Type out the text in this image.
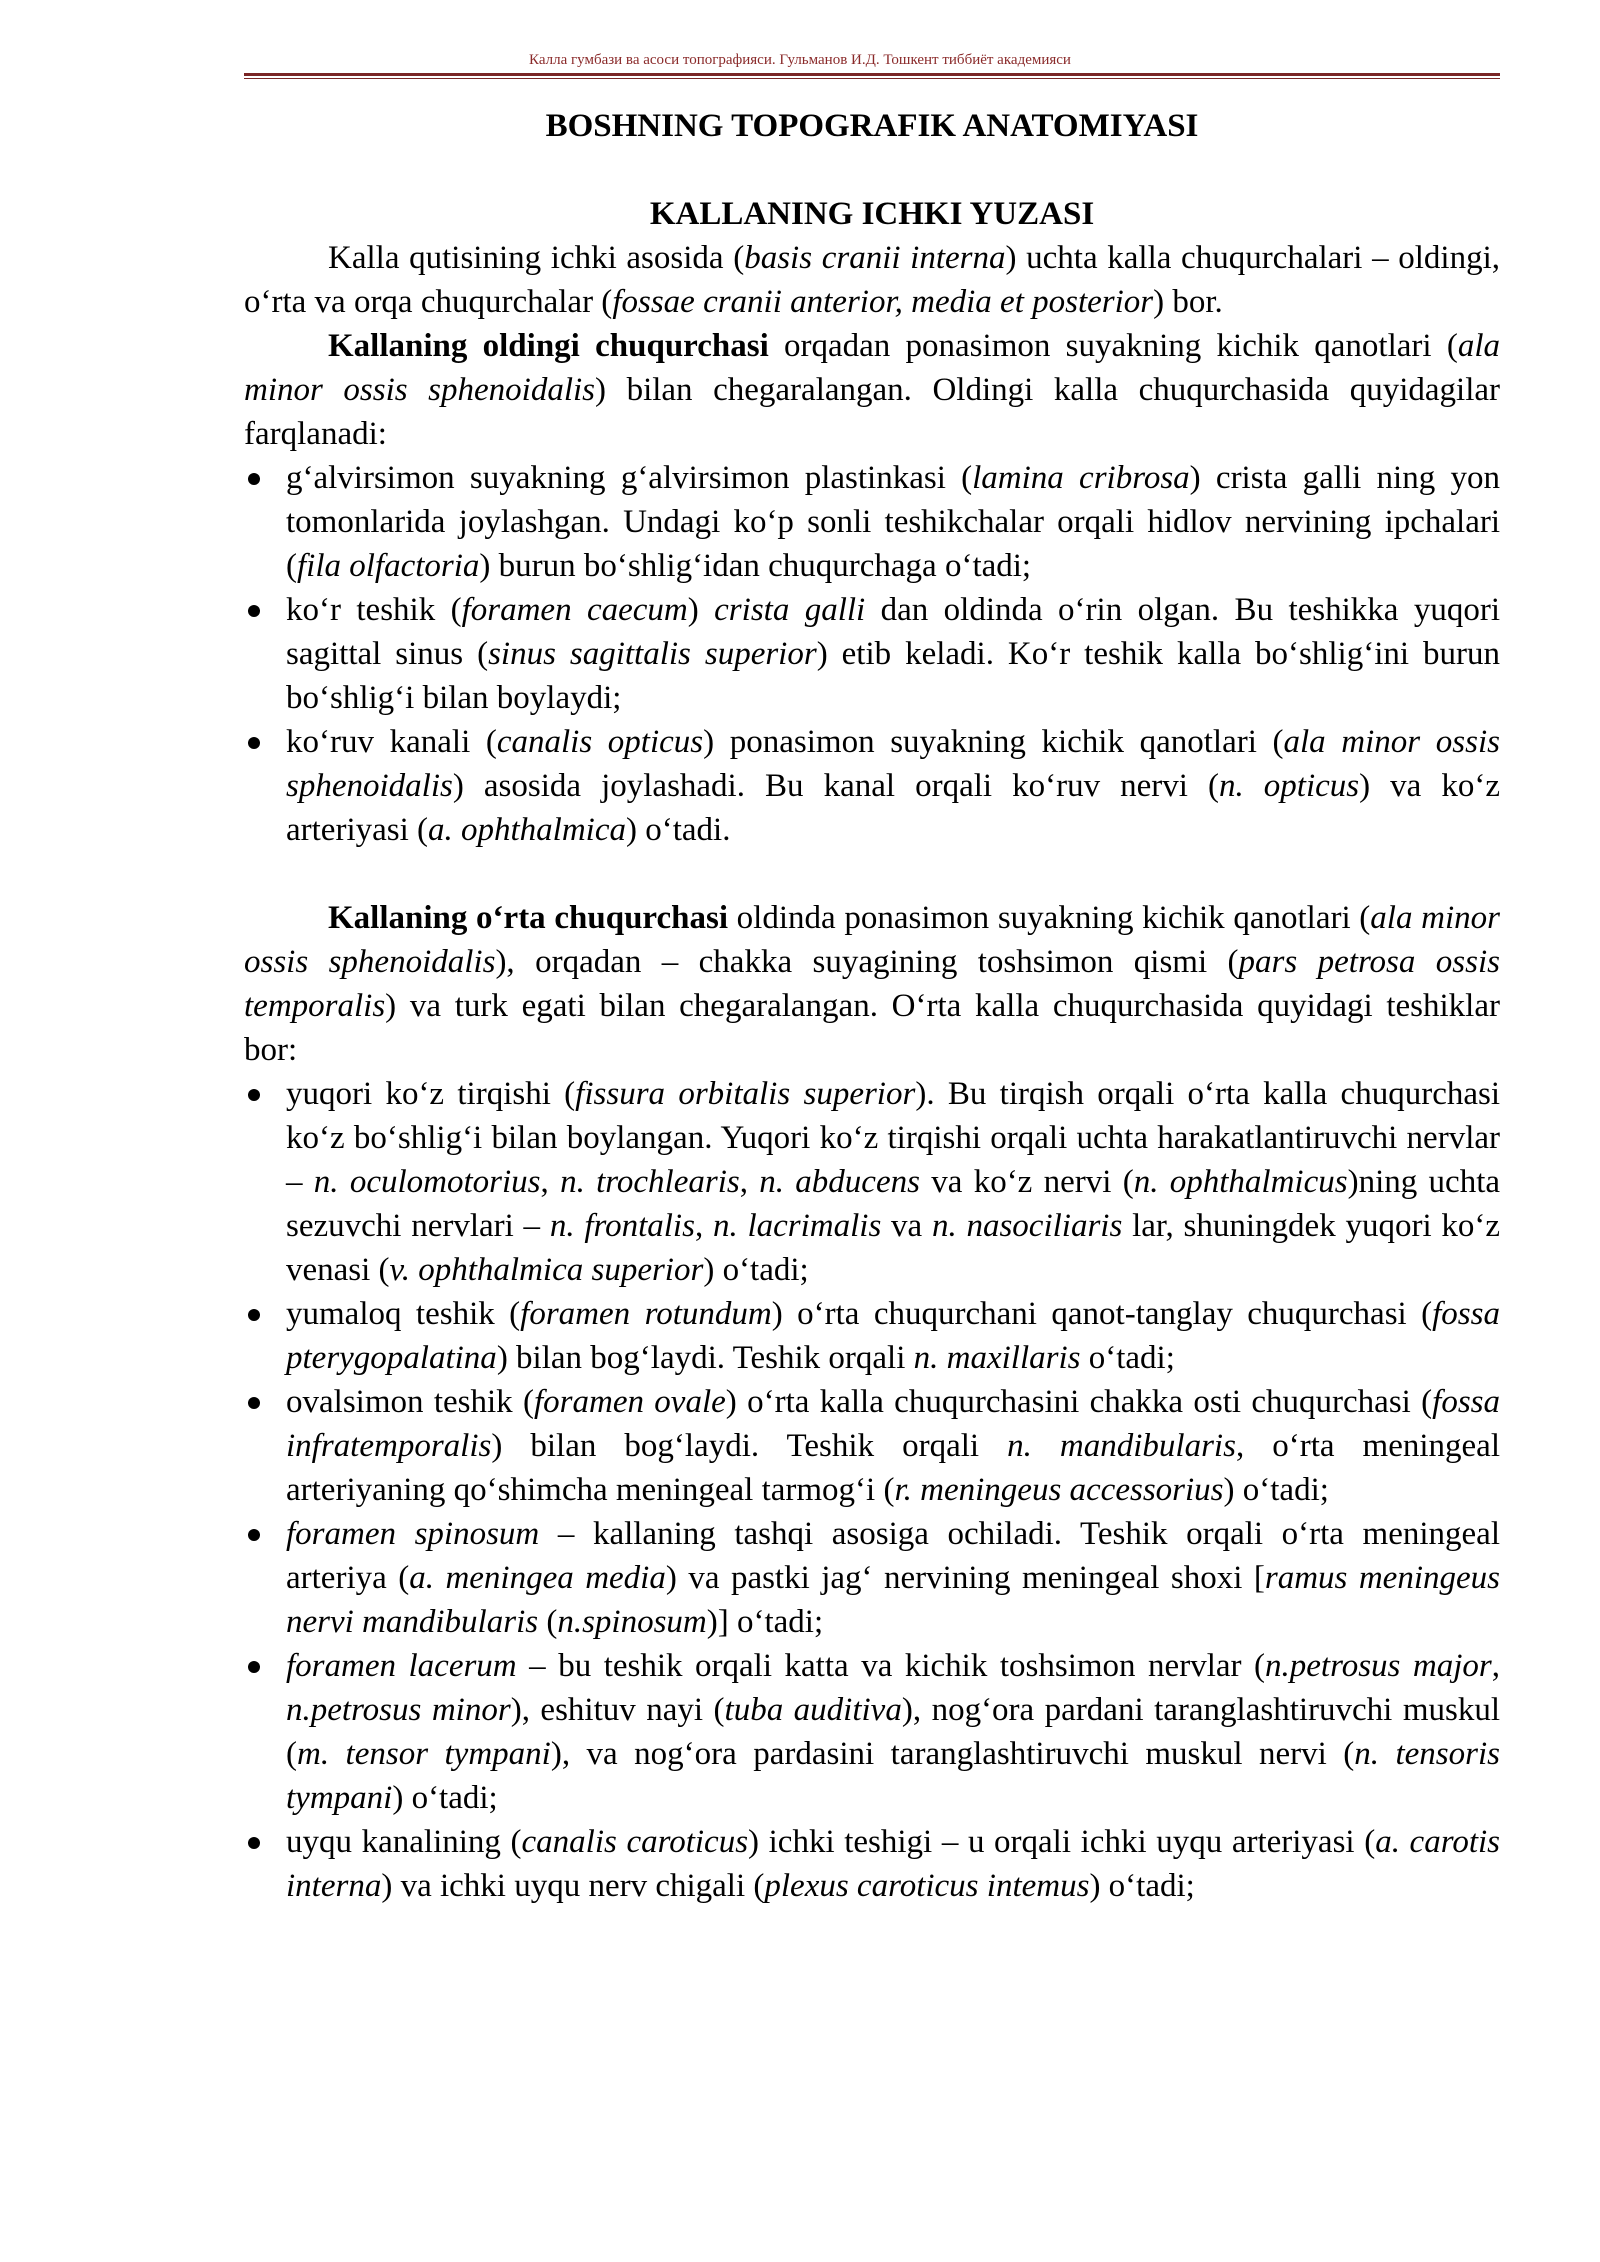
Калла гумбази ва асоси топографияси. Гульманов И.Д. Тошкент тиббиёт академияси
BOSHNING TOPOGRAFIK ANATOMIYASI
KALLANING ICHKI YUZASI

Kalla qutisining ichki asosida (basis cranii interna) uchta kalla chuqurchalari – oldingi, o‘rta va orqa chuqurchalar (fossae cranii anterior, media et posterior) bor.

Kallaning oldingi chuqurchasi orqadan ponasimon suyakning kichik qanotlari (ala minor ossis sphenoidalis) bilan chegaralangan. Oldingi kalla chuqurchasida quyidagilar farqlanadi:

g‘alvirsimon suyakning g‘alvirsimon plastinkasi (lamina cribrosa) crista galli ning yon tomonlarida joylashgan. Undagi ko‘p sonli teshikchalar orqali hidlov nervining ipchalari (fila olfactoria) burun bo‘shlig‘idan chuqurchaga o‘tadi;
ko‘r teshik (foramen caecum) crista galli dan oldinda o‘rin olgan. Bu teshikka yuqori sagittal sinus (sinus sagittalis superior) etib keladi. Ko‘r teshik kalla bo‘shlig‘ini burun bo‘shlig‘i bilan boylaydi;
ko‘ruv kanali (canalis opticus) ponasimon suyakning kichik qanotlari (ala minor ossis sphenoidalis) asosida joylashadi. Bu kanal orqali ko‘ruv nervi (n. opticus) va ko‘z arteriyasi (a. ophthalmica) o‘tadi.

Kallaning o‘rta chuqurchasi oldinda ponasimon suyakning kichik qanotlari (ala minor ossis sphenoidalis), orqadan – chakka suyagining toshsimon qismi (pars petrosa ossis temporalis) va turk egati bilan chegaralangan. O‘rta kalla chuqurchasida quyidagi teshiklar bor:

yuqori ko‘z tirqishi (fissura orbitalis superior). Bu tirqish orqali o‘rta kalla chuqurchasi ko‘z bo‘shlig‘i bilan boylangan. Yuqori ko‘z tirqishi orqali uchta harakatlantiruvchi nervlar – n. oculomotorius, n. trochlearis, n. abducens va ko‘z nervi (n. ophthalmicus)ning uchta sezuvchi nervlari – n. frontalis, n. lacrimalis va n. nasociliaris lar, shuningdek yuqori ko‘z venasi (v. ophthalmica superior) o‘tadi;
yumaloq teshik (foramen rotundum) o‘rta chuqurchani qanot-tanglay chuqurchasi (fossa pterygopalatina) bilan bog‘laydi. Teshik orqali n. maxillaris o‘tadi;
ovalsimon teshik (foramen ovale) o‘rta kalla chuqurchasini chakka osti chuqurchasi (fossa infratemporalis) bilan bog‘laydi. Teshik orqali n. mandibularis, o‘rta meningeal arteriyaning qo‘shimcha meningeal tarmog‘i (r. meningeus accessorius) o‘tadi;
foramen spinosum – kallaning tashqi asosiga ochiladi. Teshik orqali o‘rta meningeal arteriya (a. meningea media) va pastki jag‘ nervining meningeal shoxi [ramus meningeus nervi mandibularis (n.spinosum)] o‘tadi;
foramen lacerum – bu teshik orqali katta va kichik toshsimon nervlar (n.petrosus major, n.petrosus minor), eshituv nayi (tuba auditiva), nog‘ora pardani taranglashtiruvchi muskul (m. tensor tympani), va nog‘ora pardasini taranglashtiruvchi muskul nervi (n. tensoris tympani) o‘tadi;
uyqu kanalining (canalis caroticus) ichki teshigi – u orqali ichki uyqu arteriyasi (a. carotis interna) va ichki uyqu nerv chigali (plexus caroticus intemus) o‘tadi;
